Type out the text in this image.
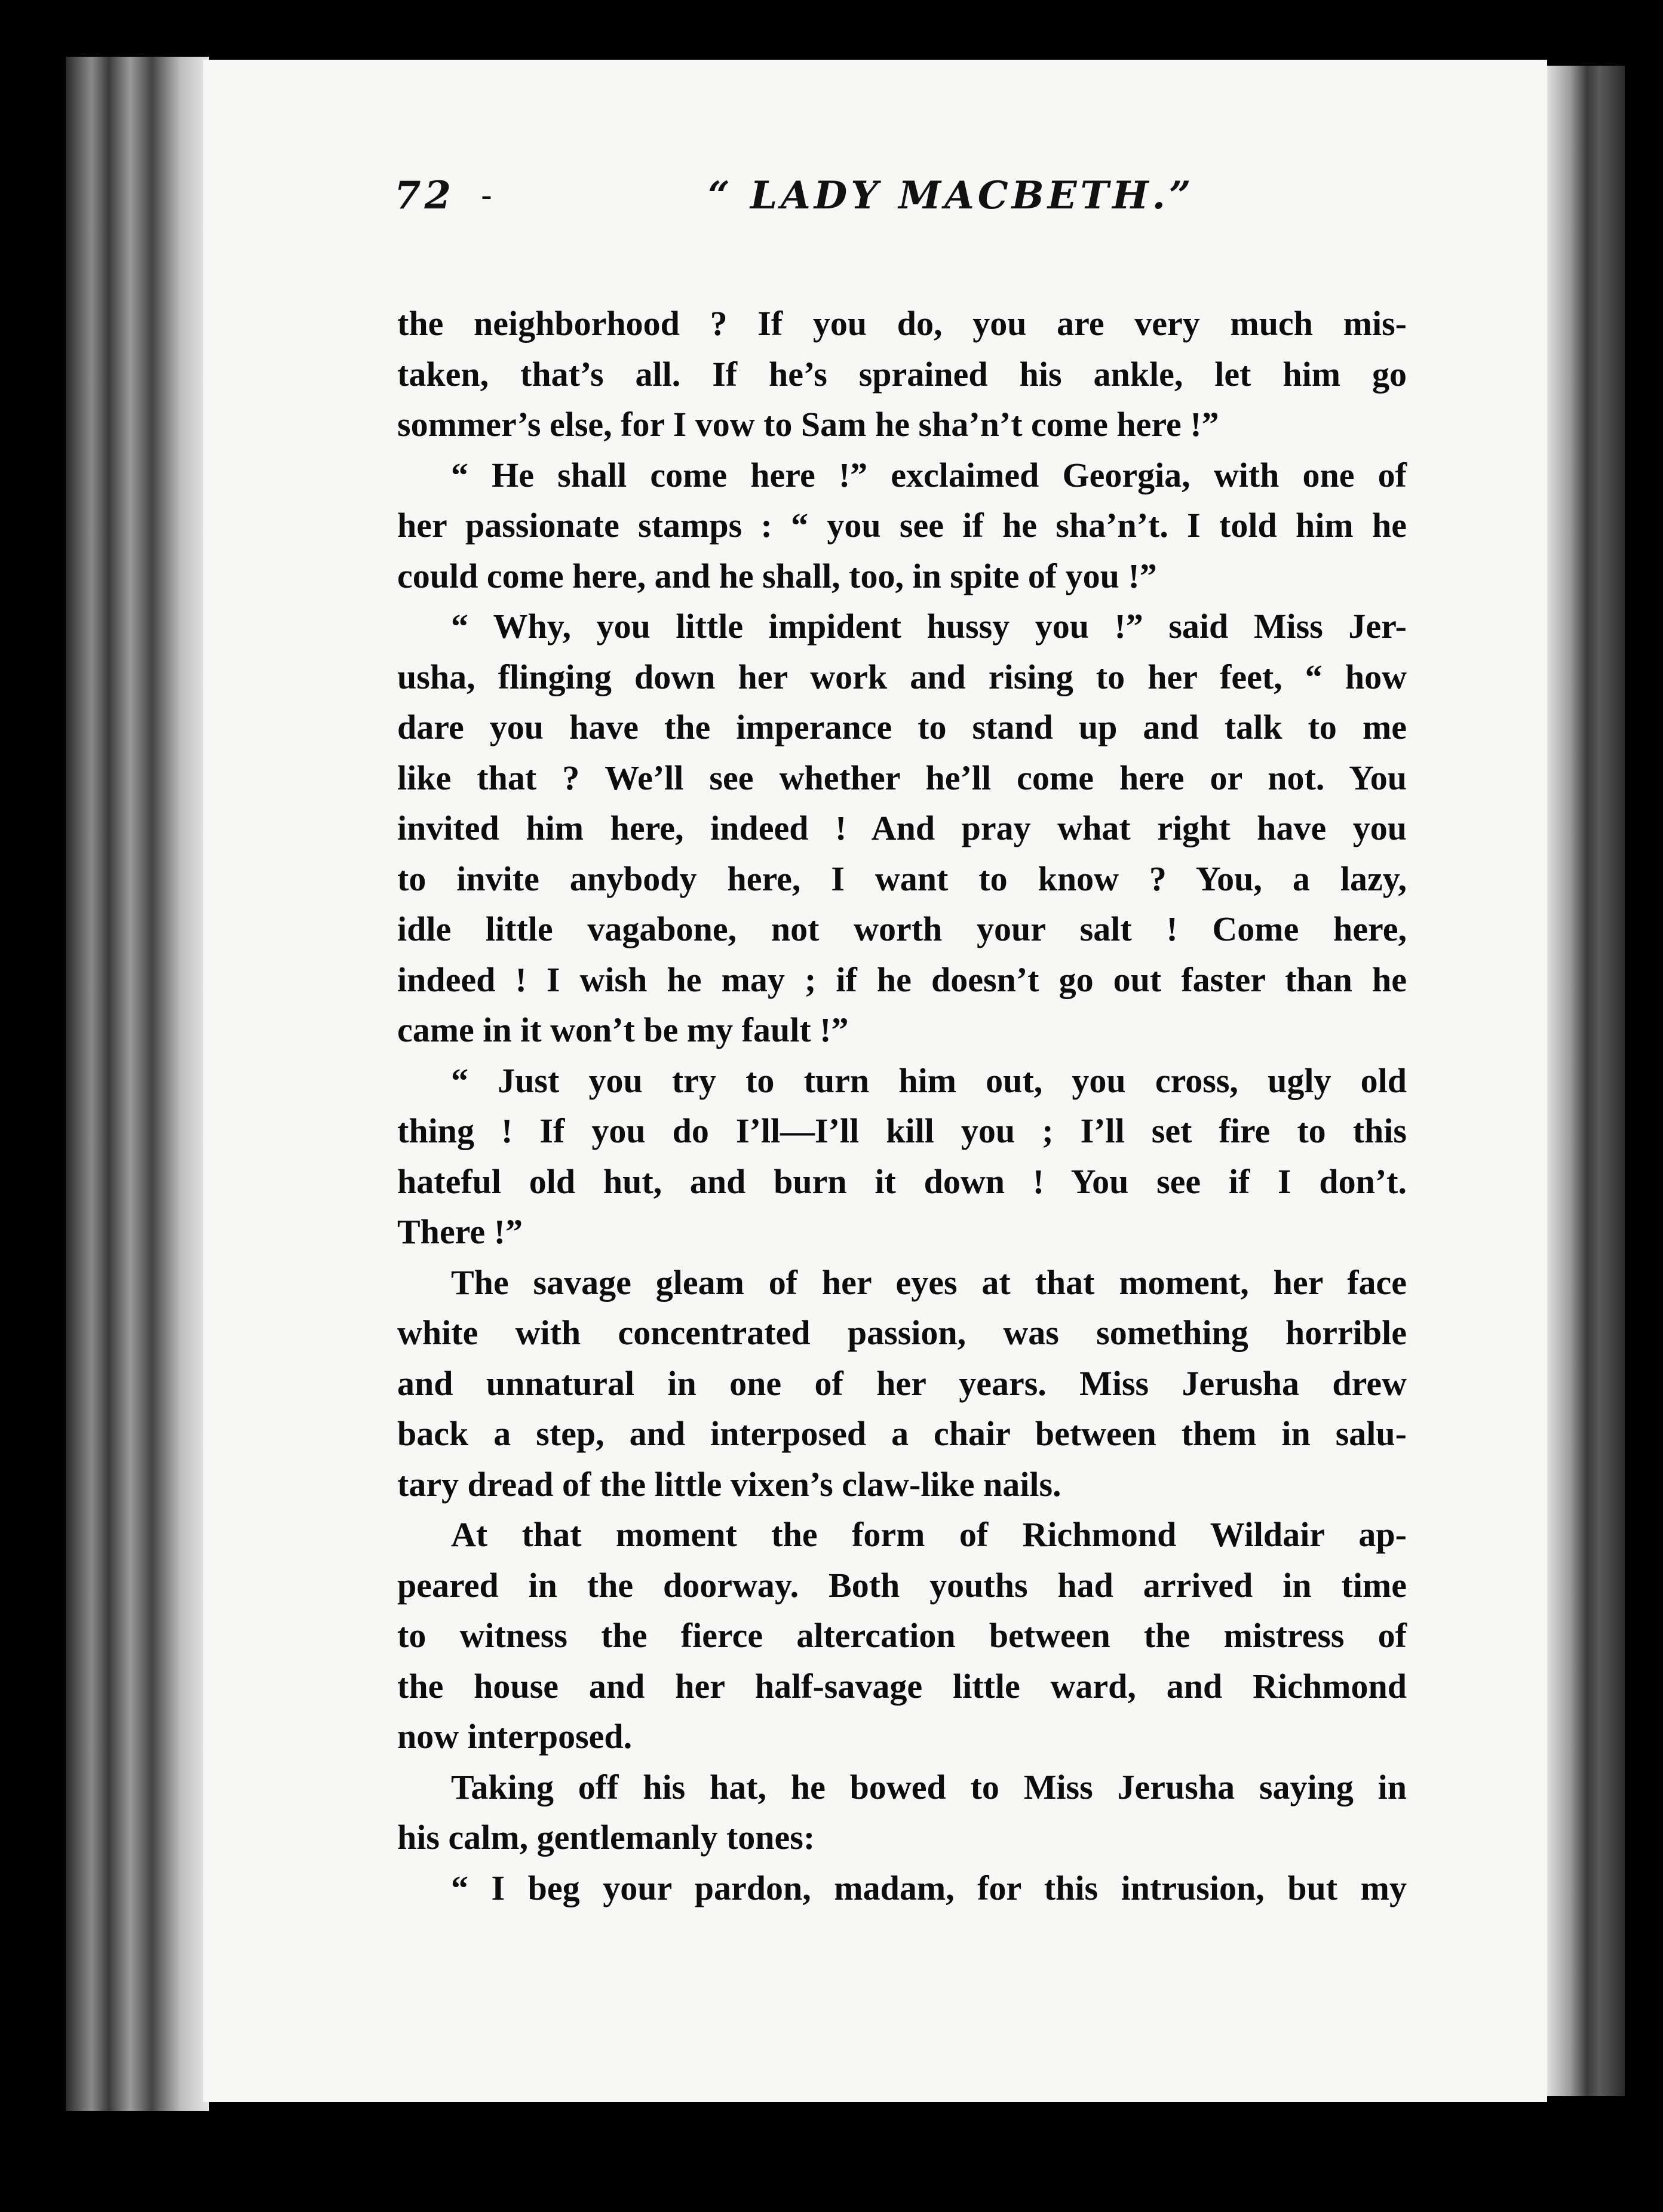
72 -	“ LADY MACBETH.”
the neighborhood ? If you do, you are very much mis-
taken, that’s all. If he’s sprained his ankle, let him go
sommer’s else, for I vow to Sam he sha’n’t come here !”
“ He shall come here !” exclaimed Georgia, with one of
her passionate stamps : “ you see if he sha’n’t. I told him he
could come here, and he shall, too, in spite of you !”
“ Why, you little impident hussy you !” said Miss Jer-
usha, flinging down her work and rising to her feet, “ how
dare you have the imperance to stand up and talk to me
like that ? We’ll see whether he’ll come here or not. You
invited him here, indeed ! And pray what right have you
to invite anybody here, I want to know ? You, a lazy,
idle little vagabone, not worth your salt ! Come here,
indeed ! I wish he may ; if he doesn’t go out faster than he
came in it won’t be my fault !”
“ Just you try to turn him out, you cross, ugly old
thing ! If you do I’ll—I’ll kill you ; I’ll set fire to this
hateful old hut, and burn it down ! You see if I don’t.
There !”
The savage gleam of her eyes at that moment, her face
white with concentrated passion, was something horrible
and unnatural in one of her years. Miss Jerusha drew
back a step, and interposed a chair between them in salu-
tary dread of the little vixen’s claw-like nails.
At that moment the form of Richmond Wildair ap-
peared in the doorway. Both youths had arrived in time
to witness the fierce altercation between the mistress of
the house and her half-savage little ward, and Richmond
now interposed.
Taking off his hat, he bowed to Miss Jerusha saying in
his calm, gentlemanly tones:
“ I beg your pardon, madam, for this intrusion, but my
